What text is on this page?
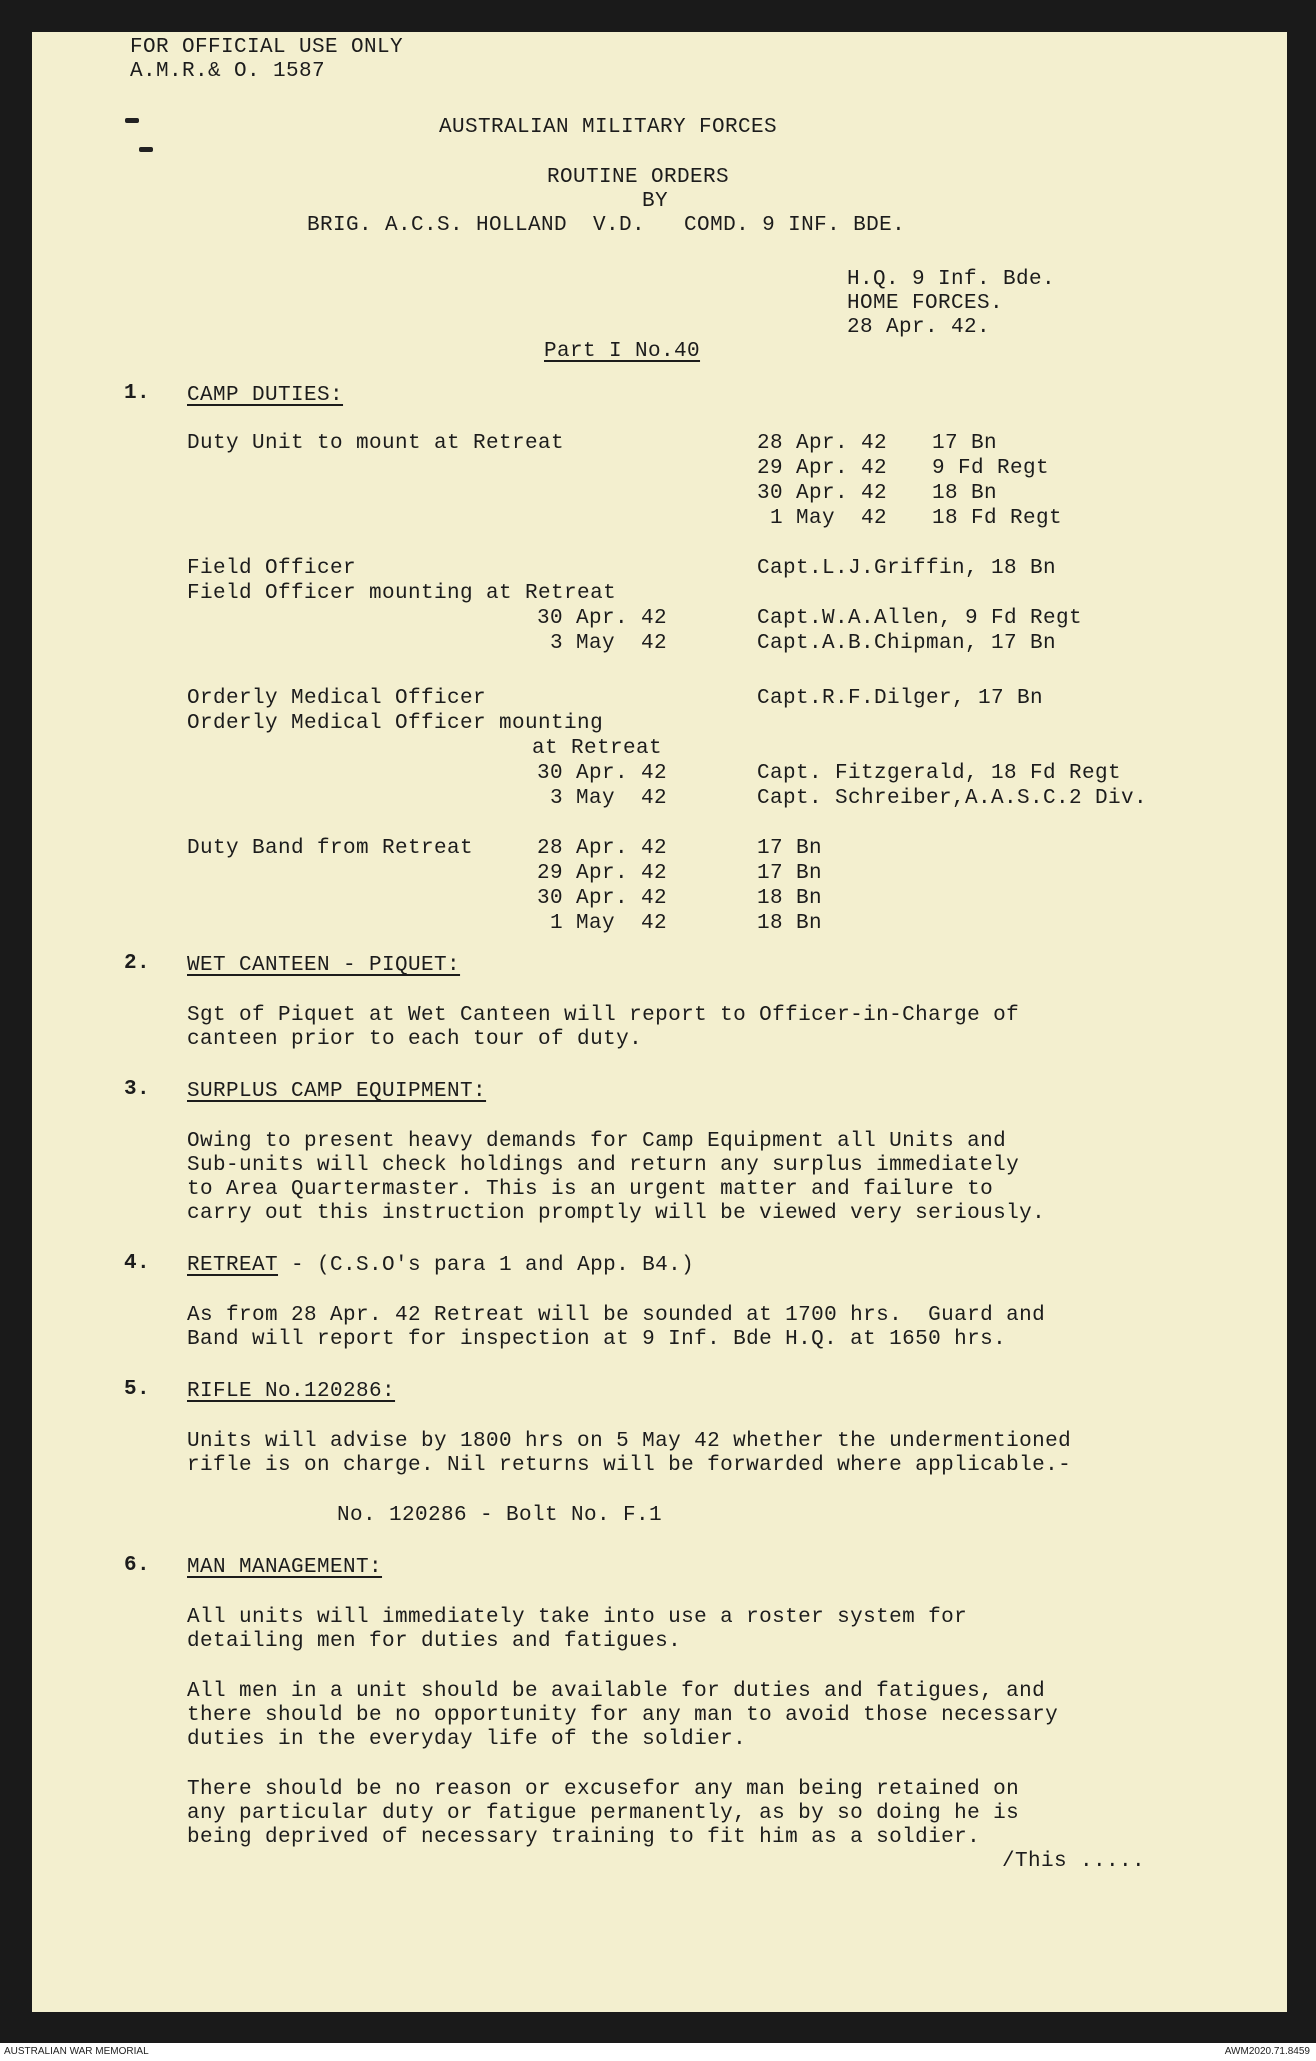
FOR OFFICIAL USE ONLY
A.M.R.& O. 1587
AUSTRALIAN MILITARY FORCES
ROUTINE ORDERS
BY
BRIG. A.C.S. HOLLAND  V.D.   COMD. 9 INF. BDE.
H.Q. 9 Inf. Bde.
HOME FORCES.
28 Apr. 42.
Part I No.40
1. CAMP DUTIES:
Duty Unit to mount at Retreat	28 Apr. 42 17 Bn
29 Apr. 42 9 Fd Regt
30 Apr. 42 18 Bn
1 May  42 18 Fd Regt
Field Officer	Capt.L.J.Griffin, 18 Bn
Field Officer mounting at Retreat
30 Apr. 42	Capt.W.A.Allen, 9 Fd Regt
3 May  42	Capt.A.B.Chipman, 17 Bn
Orderly Medical Officer	Capt.R.F.Dilger, 17 Bn
Orderly Medical Officer mounting
at Retreat
30 Apr. 42	Capt. Fitzgerald, 18 Fd Regt
3 May  42	Capt. Schreiber,A.A.S.C.2 Div.
Duty Band from Retreat	28 Apr. 42	17 Bn
29 Apr. 42	17 Bn
30 Apr. 42	18 Bn
1 May  42	18 Bn
2. WET CANTEEN - PIQUET:
Sgt of Piquet at Wet Canteen will report to Officer-in-Charge of
canteen prior to each tour of duty.
3. SURPLUS CAMP EQUIPMENT:
Owing to present heavy demands for Camp Equipment all Units and
Sub-units will check holdings and return any surplus immediately
to Area Quartermaster. This is an urgent matter and failure to
carry out this instruction promptly will be viewed very seriously.
4. RETREAT - (C.S.O's para 1 and App. B4.)
As from 28 Apr. 42 Retreat will be sounded at 1700 hrs.  Guard and
Band will report for inspection at 9 Inf. Bde H.Q. at 1650 hrs.
5. RIFLE No.120286:
Units will advise by 1800 hrs on 5 May 42 whether the undermentioned
rifle is on charge. Nil returns will be forwarded where applicable.-
No. 120286 - Bolt No. F.1
6. MAN MANAGEMENT:
All units will immediately take into use a roster system for
detailing men for duties and fatigues.
All men in a unit should be available for duties and fatigues, and
there should be no opportunity for any man to avoid those necessary
duties in the everyday life of the soldier.
There should be no reason or excusefor any man being retained on
any particular duty or fatigue permanently, as by so doing he is
being deprived of necessary training to fit him as a soldier.
/This .....
AUSTRALIAN WAR MEMORIAL	AWM2020.71.8459
